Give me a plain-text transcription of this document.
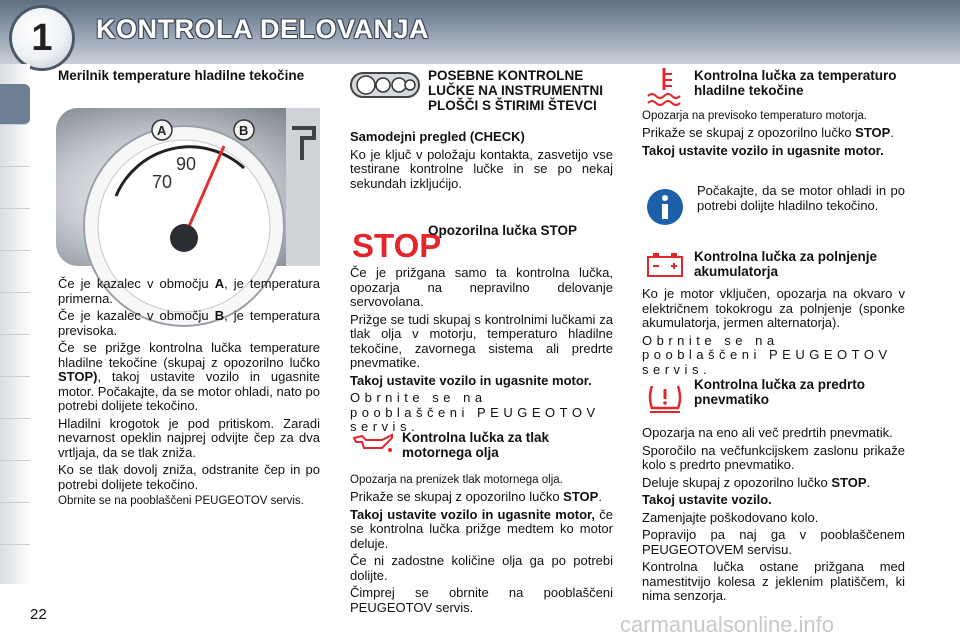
1	KONTROLA DELOVANJA
Merilnik temperature hladilne tekočine
70
90
A	B

Če je kazalec v območju A, je temperatura primerna.

Če je kazalec v območju B, je temperatura previsoka.

Če se prižge kontrolna lučka temperature hladilne tekočine (skupaj z opozorilno lučko STOP), takoj ustavite vozilo in ugasnite motor. Počakajte, da se motor ohladi, nato po potrebi dolijete tekočino.

Hladilni krogotok je pod pritiskom. Zaradi nevarnost opeklin najprej odvijte čep za dva vrtljaja, da se tlak zniža.

Ko se tlak dovolj zniža, odstranite čep in po potrebi dolijete tekočino.

Obrnite se na pooblaščeni PEUGEOTOV servis.

POSEBNE KONTROLNE LUČKE NA INSTRUMENTNI PLOŠČI S ŠTIRIMI ŠTEVCI

Samodejni pregled (CHECK)

Ko je ključ v položaju kontakta, zasvetijo vse testirane kontrolne lučke in se po nekaj sekundah izkljućijo.

STOP
Opozorilna lučka STOP

Če je prižgana samo ta kontrolna lučka, opozarja na nepravilno delovanje servovolana.

Prižge se tudi skupaj s kontrolnimi lučkami za tlak olja v motorju, temperaturo hladilne tekočine, zavornega sistema ali predrte pnevmatike.

Takoj ustavite vozilo in ugasnite motor.

Obrnite se na pooblaščeni PEUGEOTOV servis.

Kontrolna lučka za tlak motornega olja

Opozarja na prenizek tlak motornega olja.

Prikaže se skupaj z opozorilno lučko STOP.

Takoj ustavite vozilo in ugasnite motor, če se kontrolna lučka prižge medtem ko motor deluje.

Če ni zadostne količine olja ga po potrebi dolijte.

Čimprej se obrnite na pooblaščeni PEUGEOTOV servis.

Kontrolna lučka za temperaturo hladilne tekočine

Opozarja na previsoko temperaturo motorja.

Prikaže se skupaj z opozorilno lučko STOP.

Takoj ustavite vozilo in ugasnite motor.

Počakajte, da se motor ohladi in po potrebi dolijte hladilno tekočino.

Kontrolna lučka za polnjenje akumulatorja

Ko je motor vključen, opozarja na okvaro v električnem tokokrogu za polnjenje (sponke akumulatorja, jermen alternatorja).

Obrnite se na pooblaščeni PEUGEOTOV servis.

Kontrolna lučka za predrto pnevmatiko

Opozarja na eno ali več predrtih pnevmatik.

Sporočilo na večfunkcijskem zaslonu prikaže kolo s predrto pnevmatiko.

Deluje skupaj z opozorilno lučko STOP.

Takoj ustavite vozilo.

Zamenjajte poškodovano kolo.

Popravijo pa naj ga v pooblaščenem PEUGEOTOVEM servisu.

Kontrolna lučka ostane prižgana med namestitvijo kolesa z jeklenim platiščem, ki nima senzorja.

22	carmanualsonline.info
